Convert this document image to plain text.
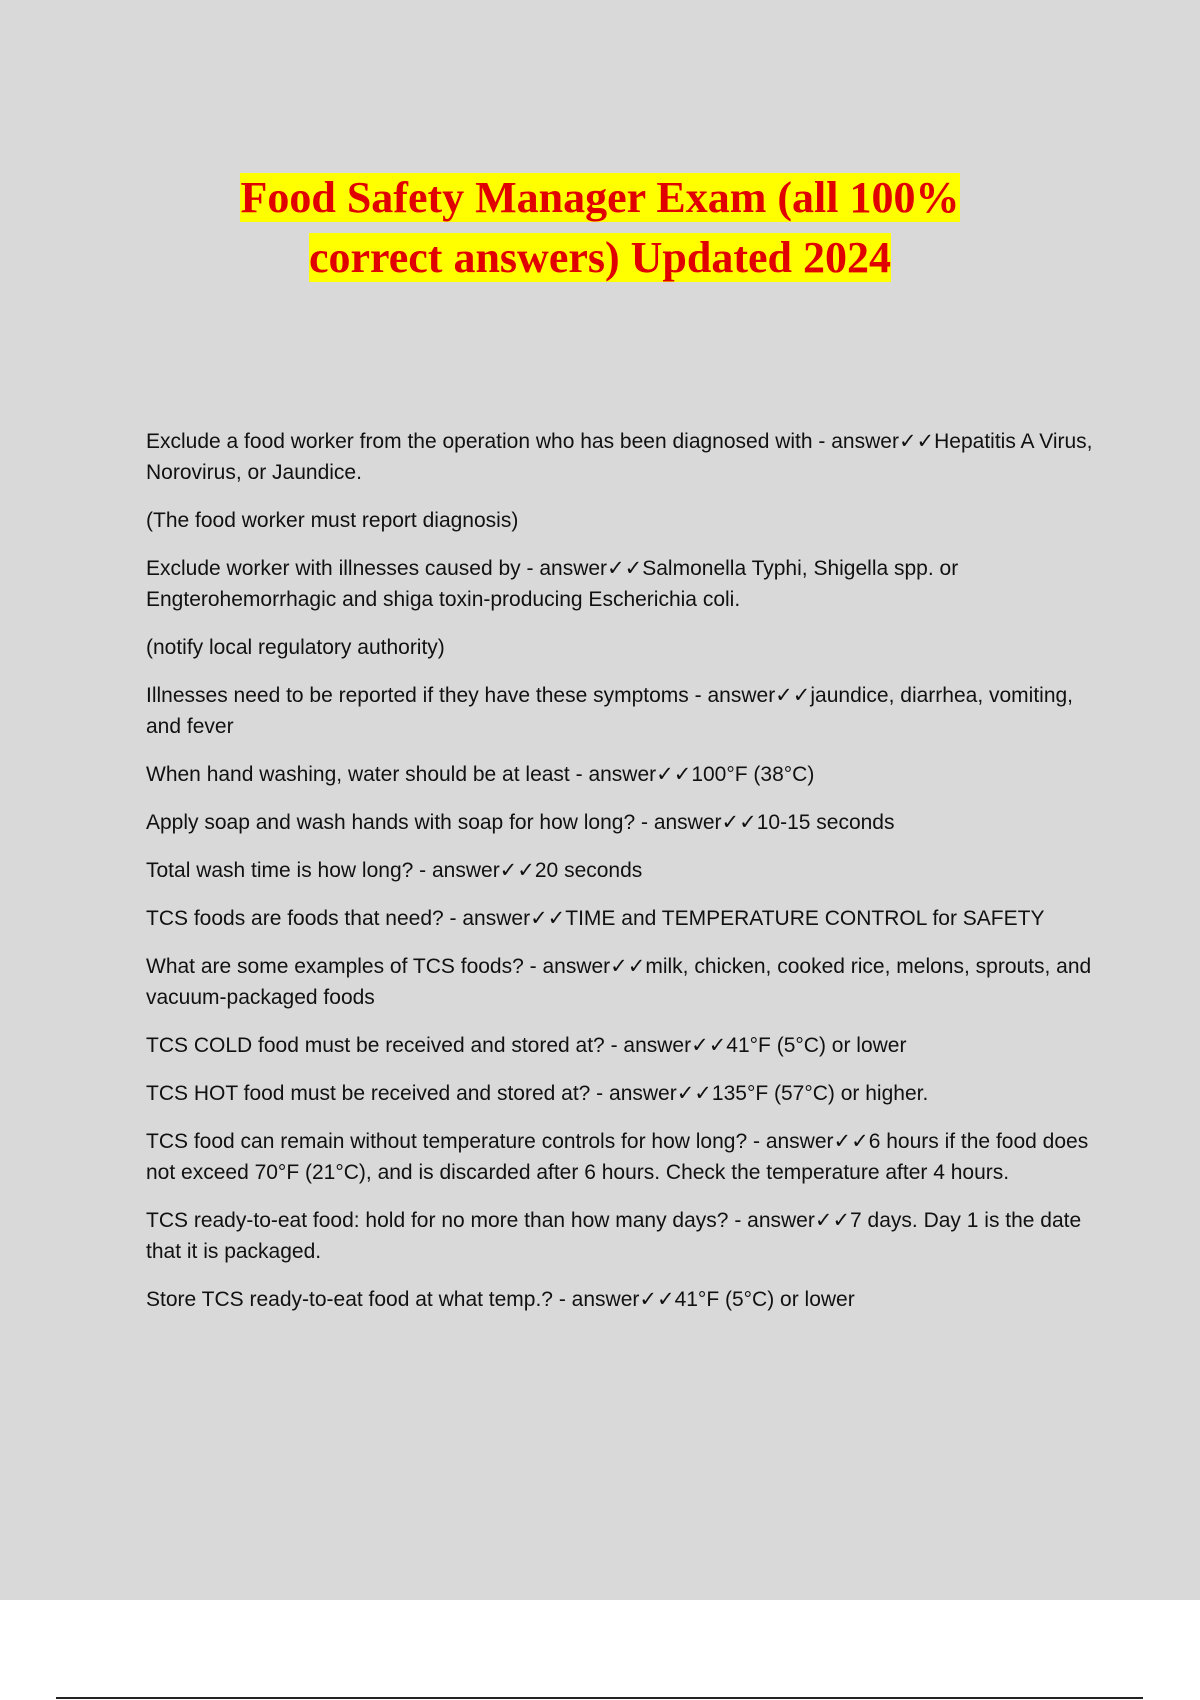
Food Safety Manager Exam (all 100%
correct answers) Updated 2024

Exclude a food worker from the operation who has been diagnosed with - answer✓✓Hepatitis A Virus, Norovirus, or Jaundice.

(The food worker must report diagnosis)

Exclude worker with illnesses caused by - answer✓✓Salmonella Typhi, Shigella spp. or Engterohemorrhagic and shiga toxin-producing Escherichia coli.

(notify local regulatory authority)

Illnesses need to be reported if they have these symptoms - answer✓✓jaundice, diarrhea, vomiting, and fever

When hand washing, water should be at least - answer✓✓100°F (38°C)

Apply soap and wash hands with soap for how long? - answer✓✓10-15 seconds

Total wash time is how long? - answer✓✓20 seconds

TCS foods are foods that need? - answer✓✓TIME and TEMPERATURE CONTROL for SAFETY

What are some examples of TCS foods? - answer✓✓milk, chicken, cooked rice, melons, sprouts, and vacuum-packaged foods

TCS COLD food must be received and stored at? - answer✓✓41°F (5°C) or lower

TCS HOT food must be received and stored at? - answer✓✓135°F (57°C) or higher.

TCS food can remain without temperature controls for how long? - answer✓✓6 hours if the food does not exceed 70°F (21°C), and is discarded after 6 hours. Check the temperature after 4 hours.

TCS ready-to-eat food: hold for no more than how many days? - answer✓✓7 days. Day 1 is the date that it is packaged.

Store TCS ready-to-eat food at what temp.? - answer✓✓41°F (5°C) or lower
